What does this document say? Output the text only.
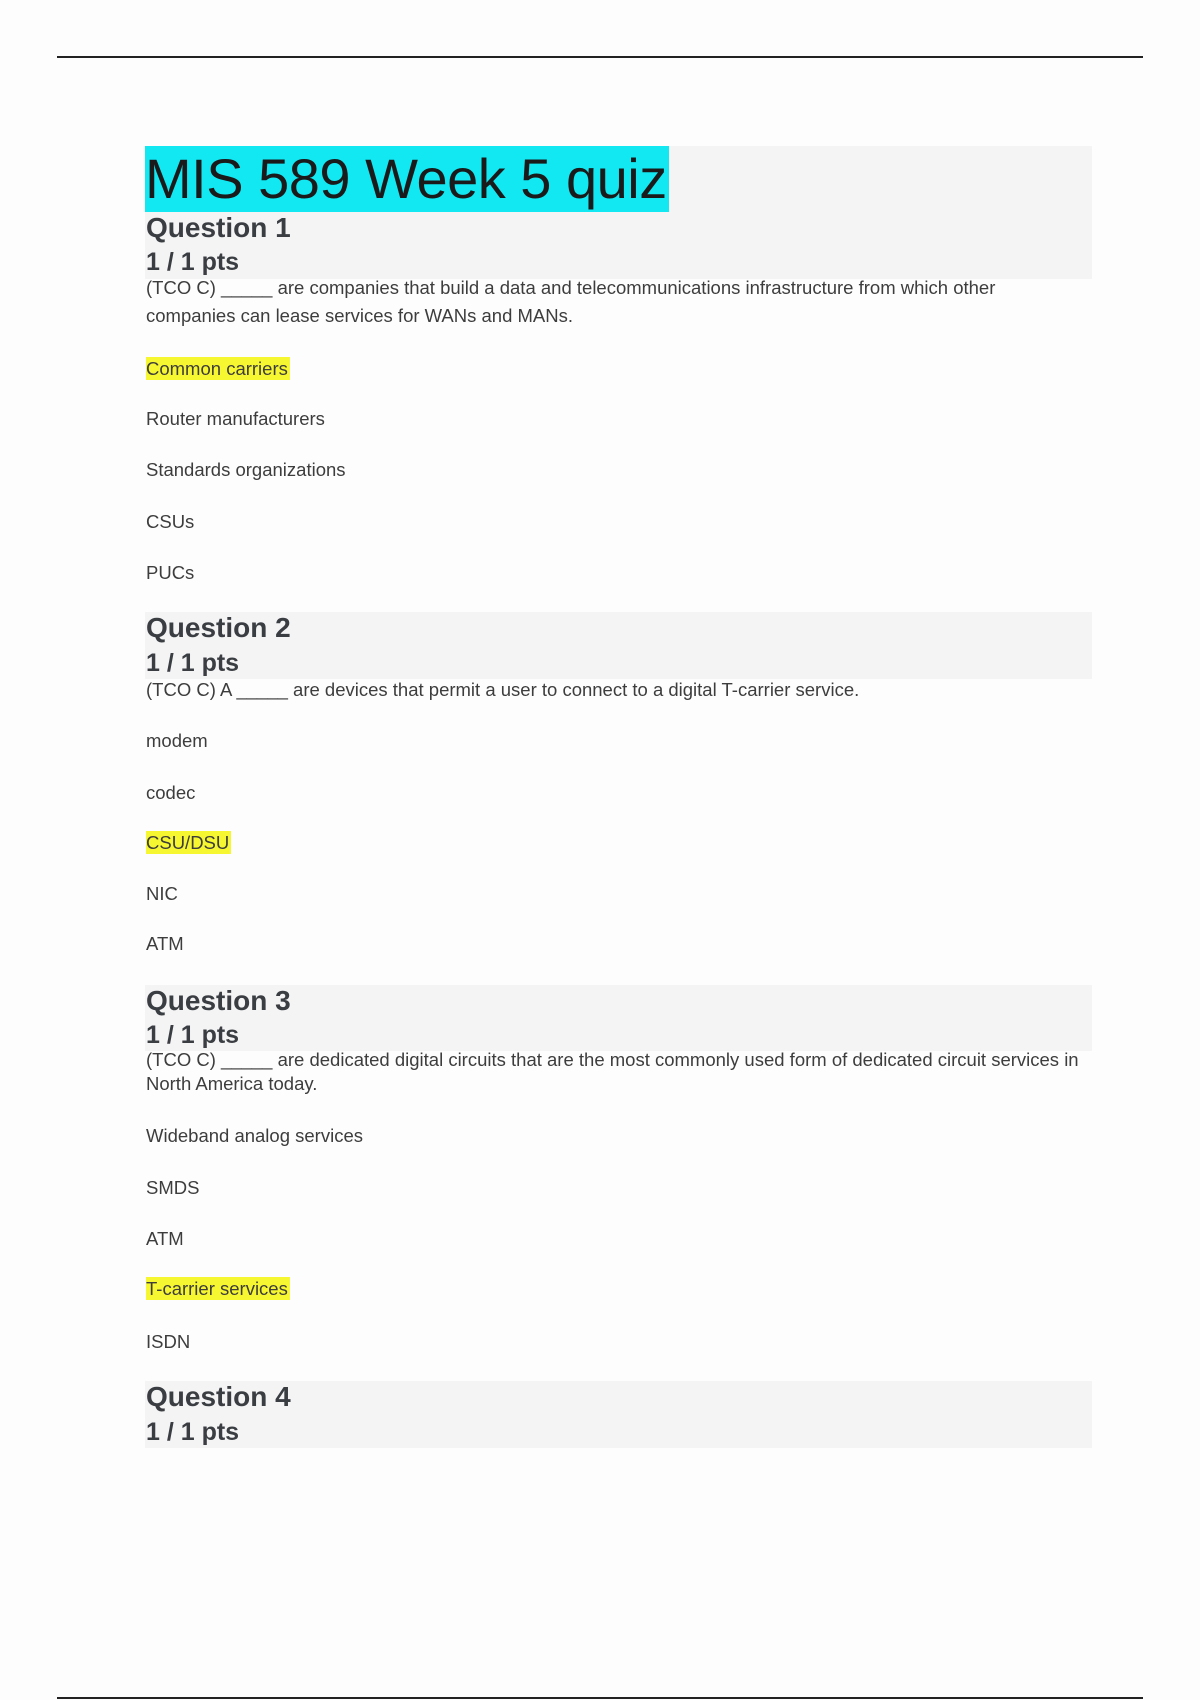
MIS 589 Week 5 quiz
Question 1
1 / 1 pts
(TCO C) _____ are companies that build a data and telecommunications infrastructure from which other companies can lease services for WANs and MANs.
Common carriers
Router manufacturers
Standards organizations
CSUs
PUCs
Question 2
1 / 1 pts
(TCO C) A _____ are devices that permit a user to connect to a digital T-carrier service.
modem
codec
CSU/DSU
NIC
ATM
Question 3
1 / 1 pts
(TCO C) _____ are dedicated digital circuits that are the most commonly used form of dedicated circuit services in North America today.
Wideband analog services
SMDS
ATM
T-carrier services
ISDN
Question 4
1 / 1 pts
